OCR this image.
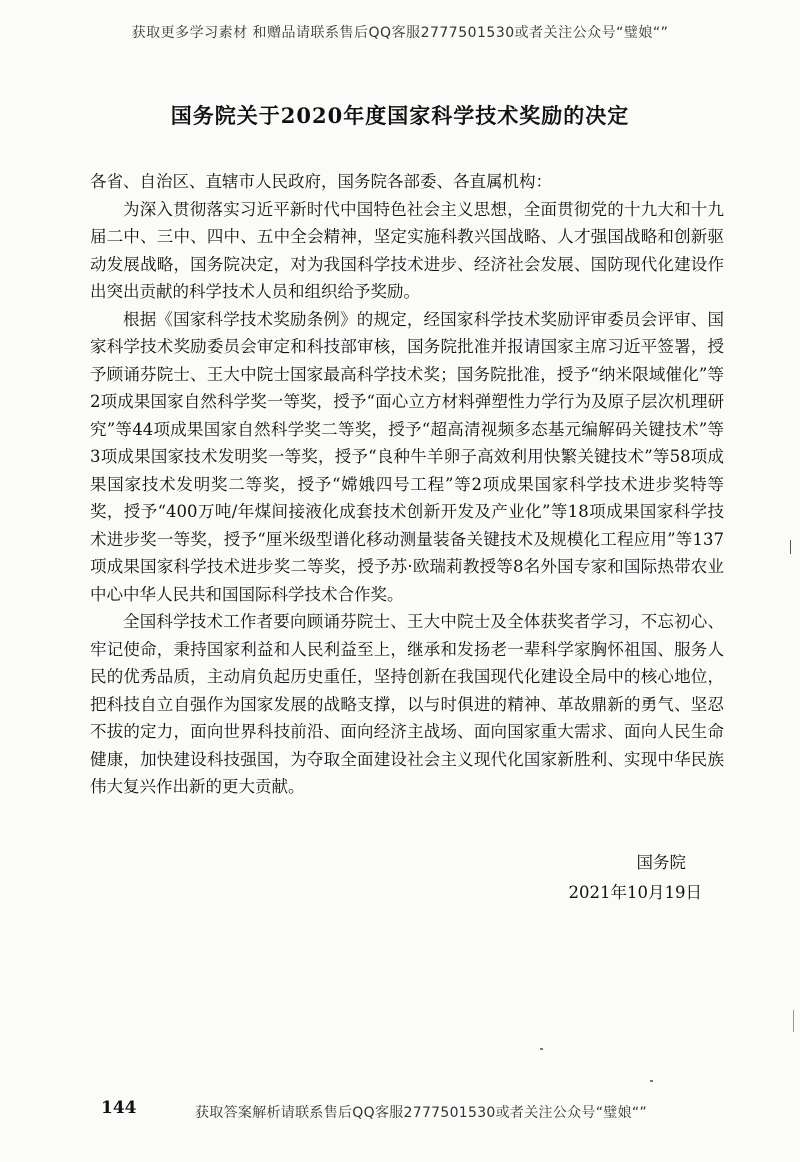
获取更多学习素材 和赠品请联系售后QQ客服2777501530或者关注公众号“璧娘“”
国务院关于2020年度国家科学技术奖励的决定

各省、自治区、直辖市人民政府，国务院各部委、各直属机构：

为深入贯彻落实习近平新时代中国特色社会主义思想，全面贯彻党的十九大和十九届二中、三中、四中、五中全会精神，坚定实施科教兴国战略、人才强国战略和创新驱动发展战略，国务院决定，对为我国科学技术进步、经济社会发展、国防现代化建设作出突出贡献的科学技术人员和组织给予奖励。

根据《国家科学技术奖励条例》的规定，经国家科学技术奖励评审委员会评审、国家科学技术奖励委员会审定和科技部审核，国务院批准并报请国家主席习近平签署，授予顾诵芬院士、王大中院士国家最高科学技术奖；国务院批准，授予“纳米限域催化”等2项成果国家自然科学奖一等奖，授予“面心立方材料弹塑性力学行为及原子层次机理研究”等44项成果国家自然科学奖二等奖，授予“超高清视频多态基元编解码关键技术”等3项成果国家技术发明奖一等奖，授予“良种牛羊卵子高效利用快繁关键技术”等58项成果国家技术发明奖二等奖，授予“嫦娥四号工程”等2项成果国家科学技术进步奖特等奖，授予“400万吨/年煤间接液化成套技术创新开发及产业化”等18项成果国家科学技术进步奖一等奖，授予“厘米级型谱化移动测量装备关键技术及规模化工程应用”等137项成果国家科学技术进步奖二等奖，授予苏·欧瑞莉教授等8名外国专家和国际热带农业中心中华人民共和国国际科学技术合作奖。

全国科学技术工作者要向顾诵芬院士、王大中院士及全体获奖者学习，不忘初心、牢记使命，秉持国家利益和人民利益至上，继承和发扬老一辈科学家胸怀祖国、服务人民的优秀品质，主动肩负起历史重任，坚持创新在我国现代化建设全局中的核心地位，把科技自立自强作为国家发展的战略支撑，以与时俱进的精神、革故鼎新的勇气、坚忍不拔的定力，面向世界科技前沿、面向经济主战场、面向国家重大需求、面向人民生命健康，加快建设科技强国，为夺取全面建设社会主义现代化国家新胜利、实现中华民族伟大复兴作出新的更大贡献。

国务院
2021年10月19日
144	获取答案解析请联系售后QQ客服2777501530或者关注公众号“璧娘“”
